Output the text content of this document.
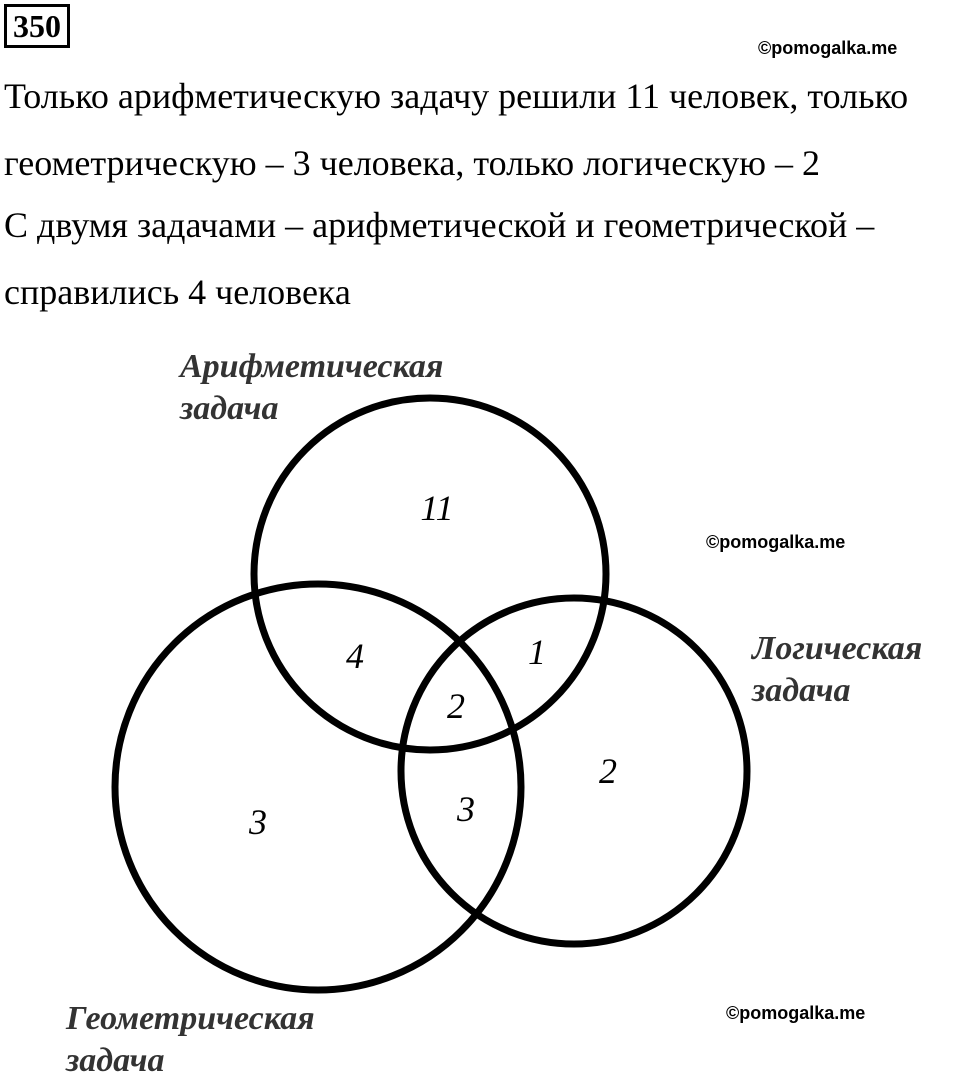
350
©pomogalka.me
Только арифметическую задачу решили 11 человек, только
геометрическую – 3 человека, только логическую – 2
С двумя задачами – арифметической и геометрической –
справились 4 человека
Арифметическая
задача
©pomogalka.me
Логическая
задача
11
4	1
2
2
3	3
Геометрическая
задача
©pomogalka.me
